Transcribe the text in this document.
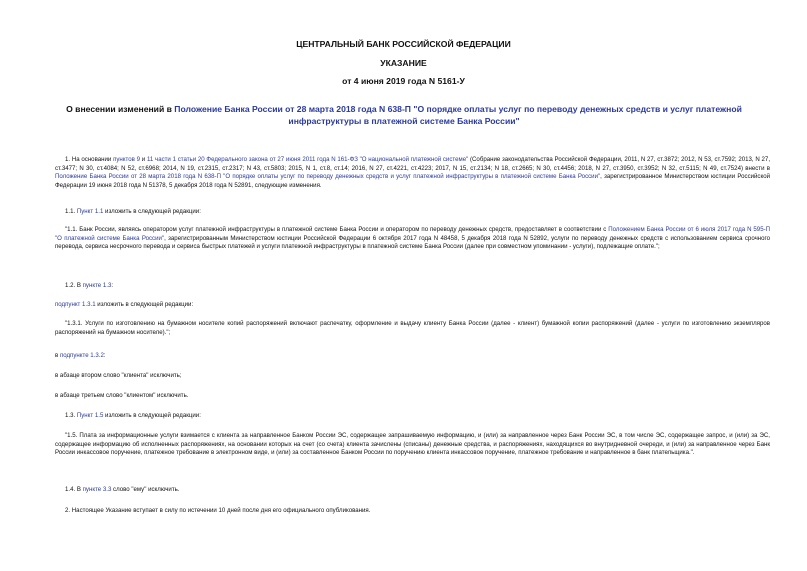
ЦЕНТРАЛЬНЫЙ БАНК РОССИЙСКОЙ ФЕДЕРАЦИИ
УКАЗАНИЕ
от 4 июня 2019 года N 5161-У
О внесении изменений в Положение Банка России от 28 марта 2018 года N 638-П "О порядке оплаты услуг по переводу денежных средств и услуг платежной инфраструктуры в платежной системе Банка России"
1. На основании пунктов 9 и 11 части 1 статьи 20 Федерального закона от 27 июня 2011 года N 161-ФЗ "О национальной платежной системе" (Собрание законодательства Российской Федерации, 2011, N 27, ст.3872; 2012, N 53, ст.7592; 2013, N 27, ст.3477; N 30, ст.4084; N 52, ст.6968; 2014, N 19, ст.2315, ст.2317; N 43, ст.5803; 2015, N 1, ст.8, ст.14; 2016, N 27, ст.4221, ст.4223; 2017, N 15, ст.2134; N 18, ст.2665; N 30, ст.4456; 2018, N 27, ст.3950, ст.3952; N 32, ст.5115; N 49, ст.7524) внести в Положение Банка России от 28 марта 2018 года N 638-П "О порядке оплаты услуг по переводу денежных средств и услуг платежной инфраструктуры в платежной системе Банка России", зарегистрированное Министерством юстиции Российской Федерации 19 июня 2018 года N 51378, 5 декабря 2018 года N 52891, следующие изменения.
1.1. Пункт 1.1 изложить в следующей редакции:
"1.1. Банк России, являясь оператором услуг платежной инфраструктуры в платежной системе Банка России и оператором по переводу денежных средств, предоставляет в соответствии с Положением Банка России от 6 июля 2017 года N 595-П "О платежной системе Банка России", зарегистрированным Министерством юстиции Российской Федерации 6 октября 2017 года N 48458, 5 декабря 2018 года N 52892, услуги по переводу денежных средств с использованием сервиса срочного перевода, сервиса несрочного перевода и сервиса быстрых платежей и услуги платежной инфраструктуры в платежной системе Банка России (далее при совместном упоминании - услуги), подлежащие оплате.";
1.2. В пункте 1.3:
подпункт 1.3.1 изложить в следующей редакции:
"1.3.1. Услуги по изготовлению на бумажном носителе копий распоряжений включают распечатку, оформление и выдачу клиенту Банка России (далее - клиент) бумажной копии распоряжений (далее - услуги по изготовлению экземпляров распоряжений на бумажном носителе).";
в подпункте 1.3.2:
в абзаце втором слово "клиента" исключить;
в абзаце третьем слово "клиентом" исключить.
1.3. Пункт 1.5 изложить в следующей редакции:
"1.5. Плата за информационные услуги взимается с клиента за направленное Банком России ЭС, содержащее запрашиваемую информацию, и (или) за направленное через Банк России ЭС, в том числе ЭС, содержащее запрос, и (или) за ЭС, содержащее информацию об исполненных распоряжениях, на основании которых на счет (со счета) клиента зачислены (списаны) денежные средства, и распоряжениях, находящихся во внутридневной очереди, и (или) за направленное через Банк России инкассовое поручение, платежное требование в электронном виде, и (или) за составленное Банком России по поручению клиента инкассовое поручение, платежное требование и направленное в банк плательщика.".
1.4. В пункте 3.3 слово "ему" исключить.
2. Настоящее Указание вступает в силу по истечении 10 дней после дня его официального опубликования.
